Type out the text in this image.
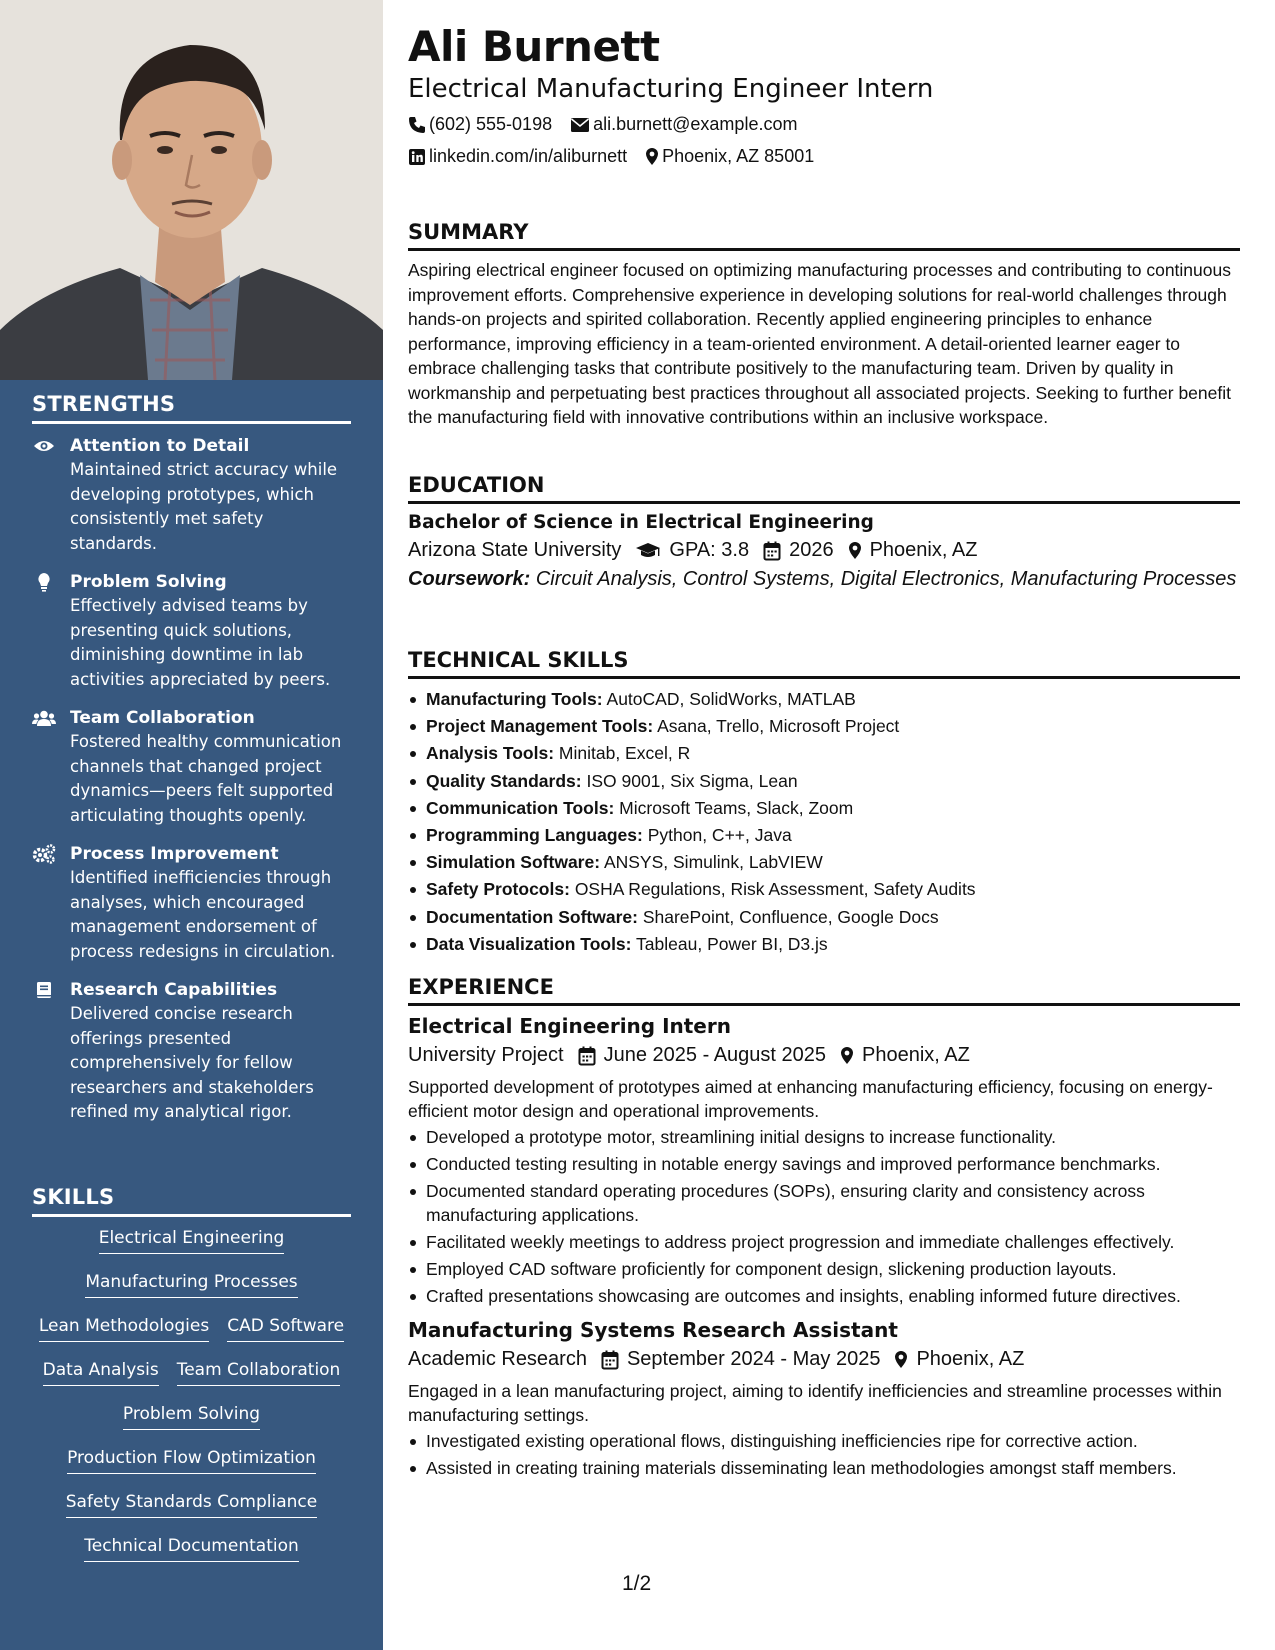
STRENGTHS
Attention to Detail
Maintained strict accuracy while developing prototypes, which consistently met safety standards.
Problem Solving
Effectively advised teams by presenting quick solutions, diminishing downtime in lab activities appreciated by peers.
Team Collaboration
Fostered healthy communication channels that changed project dynamics—peers felt supported articulating thoughts openly.
Process Improvement
Identified inefficiencies through analyses, which encouraged management endorsement of process redesigns in circulation.
Research Capabilities
Delivered concise research offerings presented comprehensively for fellow researchers and stakeholders refined my analytical rigor.
SKILLS
Electrical Engineering
Manufacturing Processes
Lean Methodologies CAD Software
Data Analysis Team Collaboration
Problem Solving
Production Flow Optimization
Safety Standards Compliance
Technical Documentation
Ali Burnett
Electrical Manufacturing Engineer Intern
(602) 555-0198 ali.burnett@example.com
linkedin.com/in/aliburnett Phoenix, AZ 85001
SUMMARY
Aspiring electrical engineer focused on optimizing manufacturing processes and contributing to continuous improvement efforts. Comprehensive experience in developing solutions for real-world challenges through hands-on projects and spirited collaboration. Recently applied engineering principles to enhance performance, improving efficiency in a team-oriented environment. A detail-oriented learner eager to embrace challenging tasks that contribute positively to the manufacturing team. Driven by quality in workmanship and perpetuating best practices throughout all associated projects. Seeking to further benefit the manufacturing field with innovative contributions within an inclusive workspace.
EDUCATION
Bachelor of Science in Electrical Engineering
Arizona State University GPA: 3.8 2026 Phoenix, AZ
Coursework: Circuit Analysis, Control Systems, Digital Electronics, Manufacturing Processes
TECHNICAL SKILLS
Manufacturing Tools: AutoCAD, SolidWorks, MATLAB
Project Management Tools: Asana, Trello, Microsoft Project
Analysis Tools: Minitab, Excel, R
Quality Standards: ISO 9001, Six Sigma, Lean
Communication Tools: Microsoft Teams, Slack, Zoom
Programming Languages: Python, C++, Java
Simulation Software: ANSYS, Simulink, LabVIEW
Safety Protocols: OSHA Regulations, Risk Assessment, Safety Audits
Documentation Software: SharePoint, Confluence, Google Docs
Data Visualization Tools: Tableau, Power BI, D3.js
EXPERIENCE
Electrical Engineering Intern
University Project June 2025 - August 2025 Phoenix, AZ
Supported development of prototypes aimed at enhancing manufacturing efficiency, focusing on energy-efficient motor design and operational improvements.
Developed a prototype motor, streamlining initial designs to increase functionality.
Conducted testing resulting in notable energy savings and improved performance benchmarks.
Documented standard operating procedures (SOPs), ensuring clarity and consistency across manufacturing applications.
Facilitated weekly meetings to address project progression and immediate challenges effectively.
Employed CAD software proficiently for component design, slickening production layouts.
Crafted presentations showcasing are outcomes and insights, enabling informed future directives.
Manufacturing Systems Research Assistant
Academic Research September 2024 - May 2025 Phoenix, AZ
Engaged in a lean manufacturing project, aiming to identify inefficiencies and streamline processes within manufacturing settings.
Investigated existing operational flows, distinguishing inefficiencies ripe for corrective action.
Assisted in creating training materials disseminating lean methodologies amongst staff members.
1/2
